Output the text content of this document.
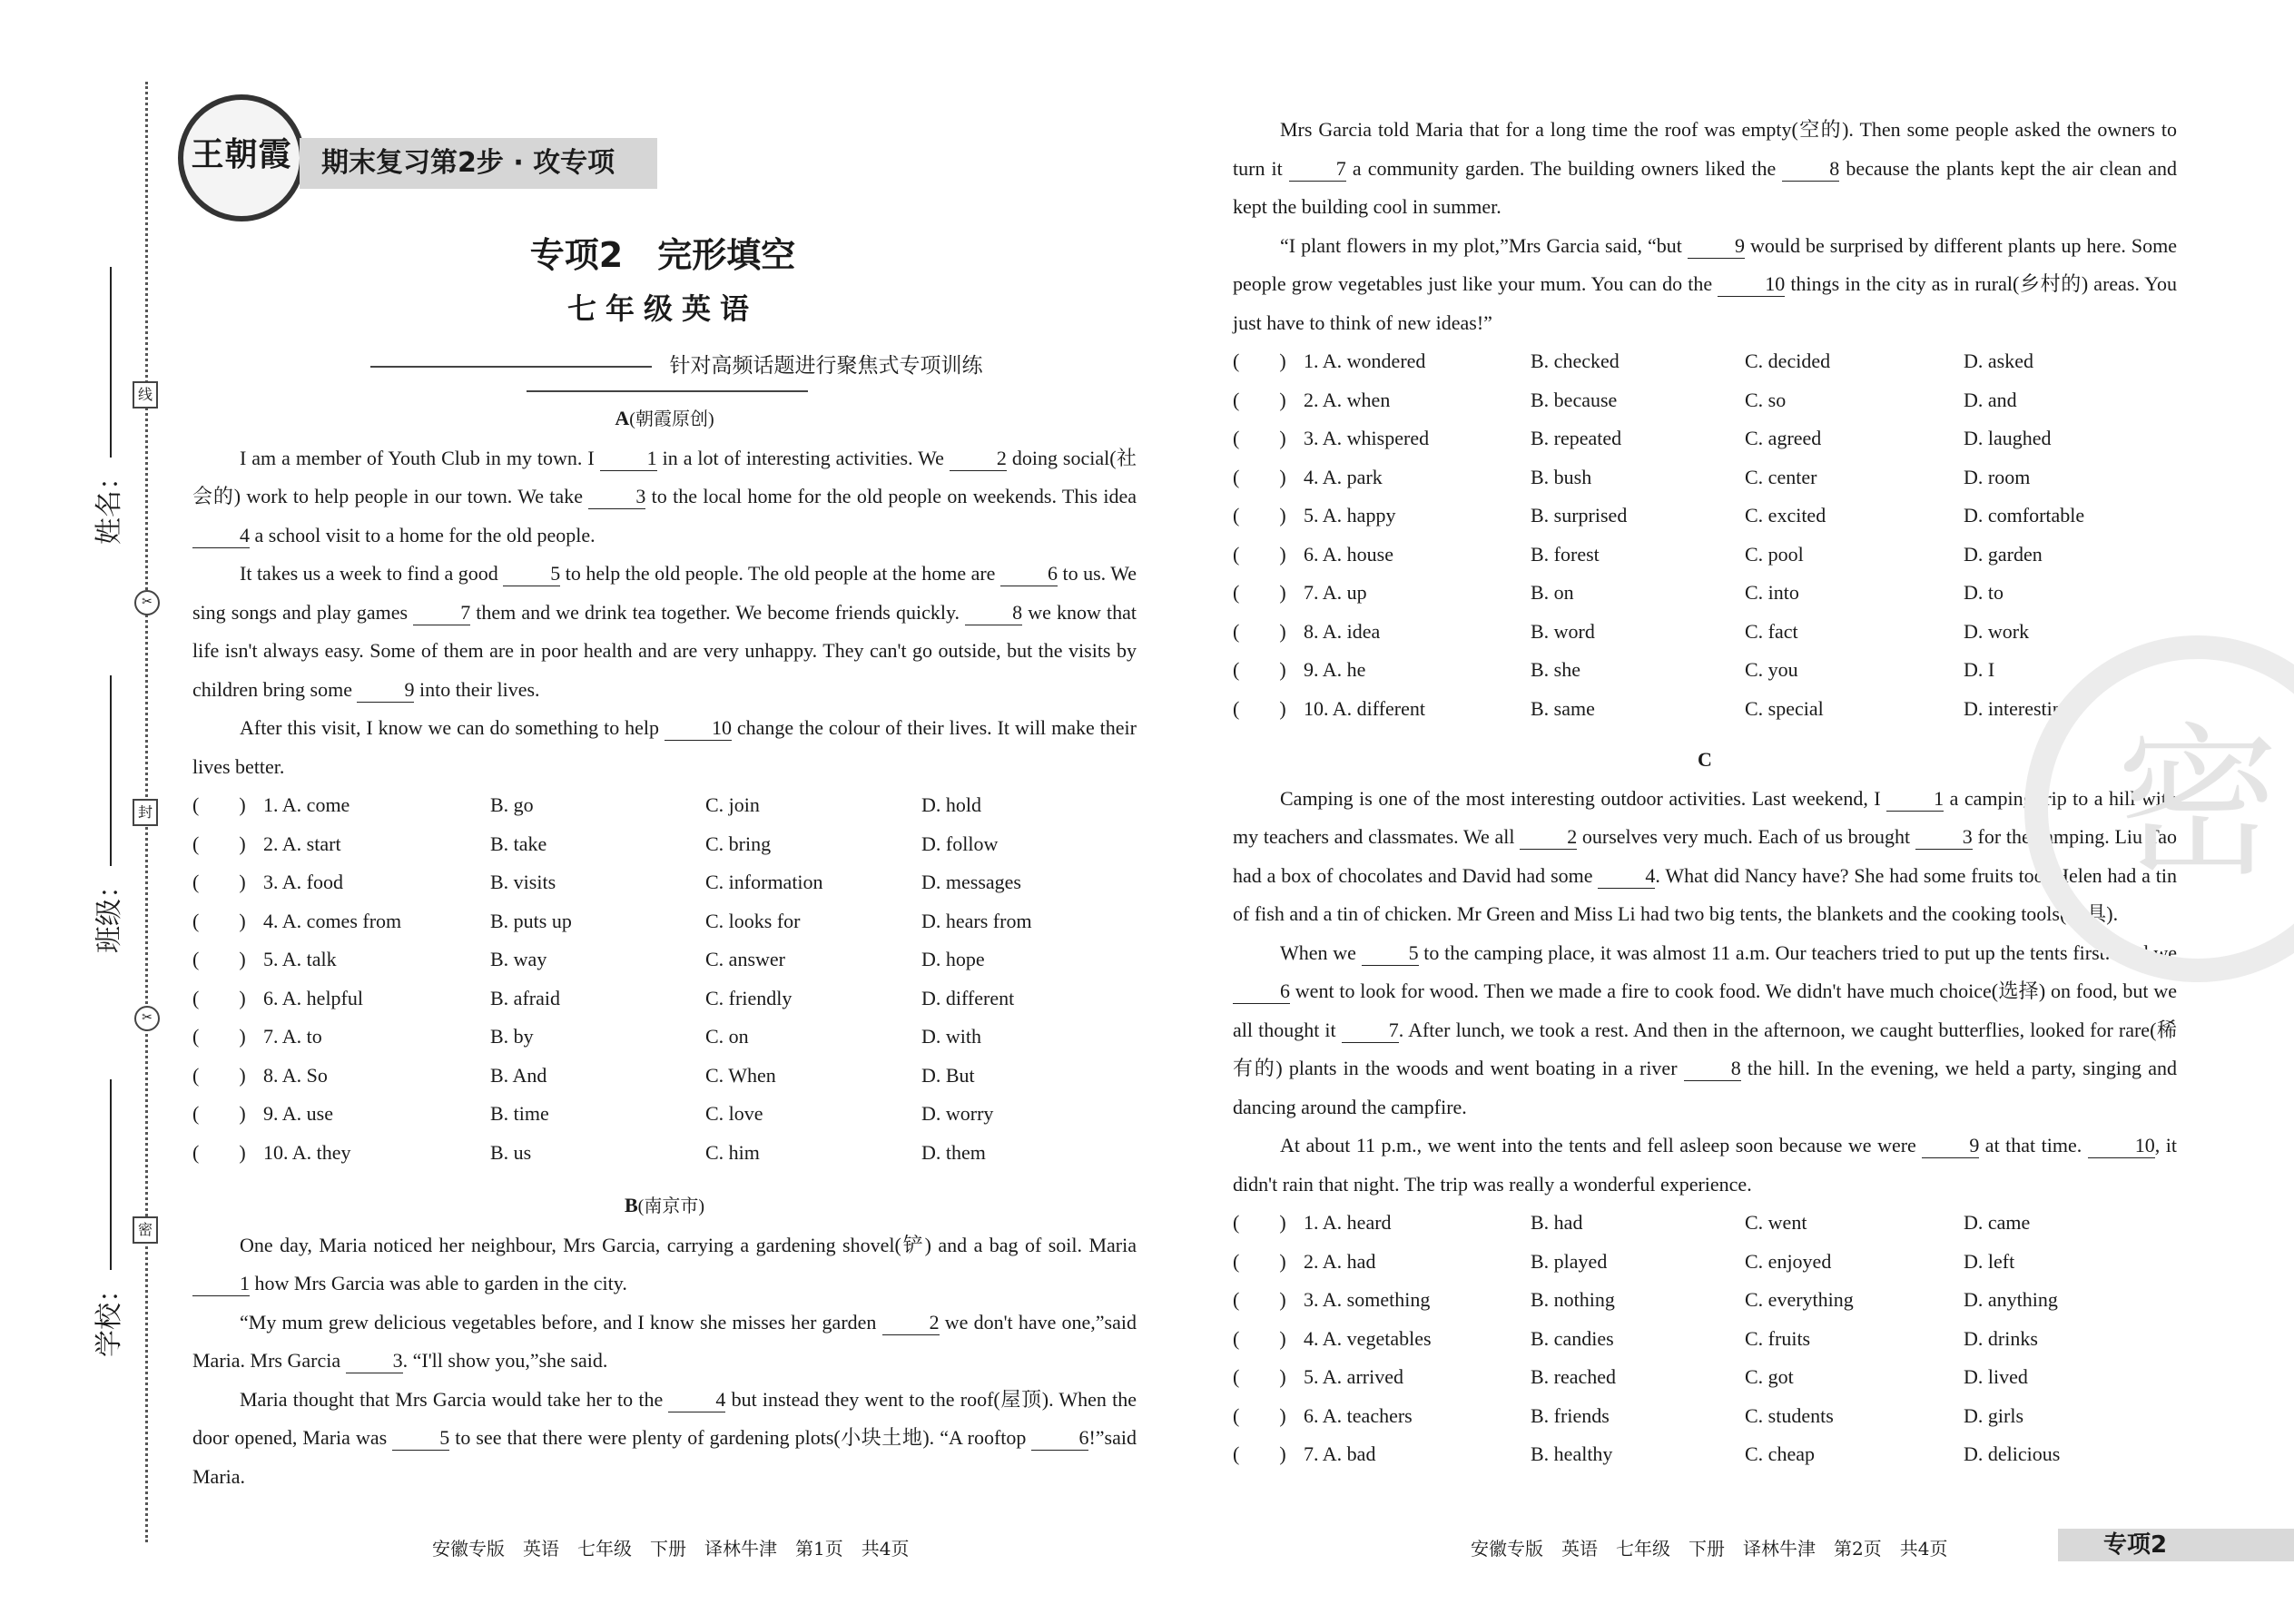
线
✂
封
✂
密
姓名：
班级：
学校：
王朝霞	期末复习第2步 · 攻专项
专项2　完形填空
七年级英语
针对高频话题进行聚焦式专项训练
A(朝霞原创)

I am a member of Youth Club in my town. I 1 in a lot of interesting activities. We 2 doing social(社会的) work to help people in our town. We take 3 to the local home for the old people on weekends. This idea 4 a school visit to a home for the old people.

It takes us a week to find a good 5 to help the old people. The old people at the home are 6 to us. We sing songs and play games 7 them and we drink tea together. We become friends quickly. 8 we know that life isn't always easy. Some of them are in poor health and are very unhappy. They can't go outside, but the visits by children bring some 9 into their lives.

After this visit, I know we can do something to help 10 change the colour of their lives. It will make their lives better.

(　　) 1. A. come	B. go	C. join	D. hold
(　　) 2. A. start	B. take	C. bring	D. follow
(　　) 3. A. food	B. visits	C. information	D. messages
(　　) 4. A. comes from	B. puts up	C. looks for	D. hears from
(　　) 5. A. talk	B. way	C. answer	D. hope
(　　) 6. A. helpful	B. afraid	C. friendly	D. different
(　　) 7. A. to	B. by	C. on	D. with
(　　) 8. A. So	B. And	C. When	D. But
(　　) 9. A. use	B. time	C. love	D. worry
(　　) 10. A. they	B. us	C. him	D. them
B(南京市)

One day, Maria noticed her neighbour, Mrs Garcia, carrying a gardening shovel(铲) and a bag of soil. Maria 1 how Mrs Garcia was able to garden in the city.

“My mum grew delicious vegetables before, and I know she misses her garden 2 we don't have one,”said Maria. Mrs Garcia 3. “I'll show you,”she said.

Maria thought that Mrs Garcia would take her to the 4 but instead they went to the roof(屋顶). When the door opened, Maria was 5 to see that there were plenty of gardening plots(小块土地). “A rooftop 6!”said Maria.

Mrs Garcia told Maria that for a long time the roof was empty(空的). Then some people asked the owners to turn it 7 a community garden. The building owners liked the 8 because the plants kept the air clean and kept the building cool in summer.

“I plant flowers in my plot,”Mrs Garcia said, “but 9 would be surprised by different plants up here. Some people grow vegetables just like your mum. You can do the 10 things in the city as in rural(乡村的) areas. You just have to think of new ideas!”

(　　) 1. A. wondered	B. checked	C. decided	D. asked
(　　) 2. A. when	B. because	C. so	D. and
(　　) 3. A. whispered	B. repeated	C. agreed	D. laughed
(　　) 4. A. park	B. bush	C. center	D. room
(　　) 5. A. happy	B. surprised	C. excited	D. comfortable
(　　) 6. A. house	B. forest	C. pool	D. garden
(　　) 7. A. up	B. on	C. into	D. to
(　　) 8. A. idea	B. word	C. fact	D. work
(　　) 9. A. he	B. she	C. you	D. I
(　　) 10. A. different	B. same	C. special	D. interesting
C

Camping is one of the most interesting outdoor activities. Last weekend, I 1 a camping trip to a hill with my teachers and classmates. We all 2 ourselves very much. Each of us brought 3 for the camping. Liu Tao had a box of chocolates and David had some 4. What did Nancy have? She had some fruits too. Helen had a tin of fish and a tin of chicken. Mr Green and Miss Li had two big tents, the blankets and the cooking tools(工具).

When we 5 to the camping place, it was almost 11 a.m. Our teachers tried to put up the tents first. And we 6 went to look for wood. Then we made a fire to cook food. We didn't have much choice(选择) on food, but we all thought it 7. After lunch, we took a rest. And then in the afternoon, we caught butterflies, looked for rare(稀有的) plants in the woods and went boating in a river 8 the hill. In the evening, we held a party, singing and dancing around the campfire.

At about 11 p.m., we went into the tents and fell asleep soon because we were 9 at that time. 10, it didn't rain that night. The trip was really a wonderful experience.

(　　) 1. A. heard	B. had	C. went	D. came
(　　) 2. A. had	B. played	C. enjoyed	D. left
(　　) 3. A. something	B. nothing	C. everything	D. anything
(　　) 4. A. vegetables	B. candies	C. fruits	D. drinks
(　　) 5. A. arrived	B. reached	C. got	D. lived
(　　) 6. A. teachers	B. friends	C. students	D. girls
(　　) 7. A. bad	B. healthy	C. cheap	D. delicious
密
安徽专版　英语　七年级　下册　译林牛津　第1页　共4页	安徽专版　英语　七年级　下册　译林牛津　第2页　共4页	专项2
